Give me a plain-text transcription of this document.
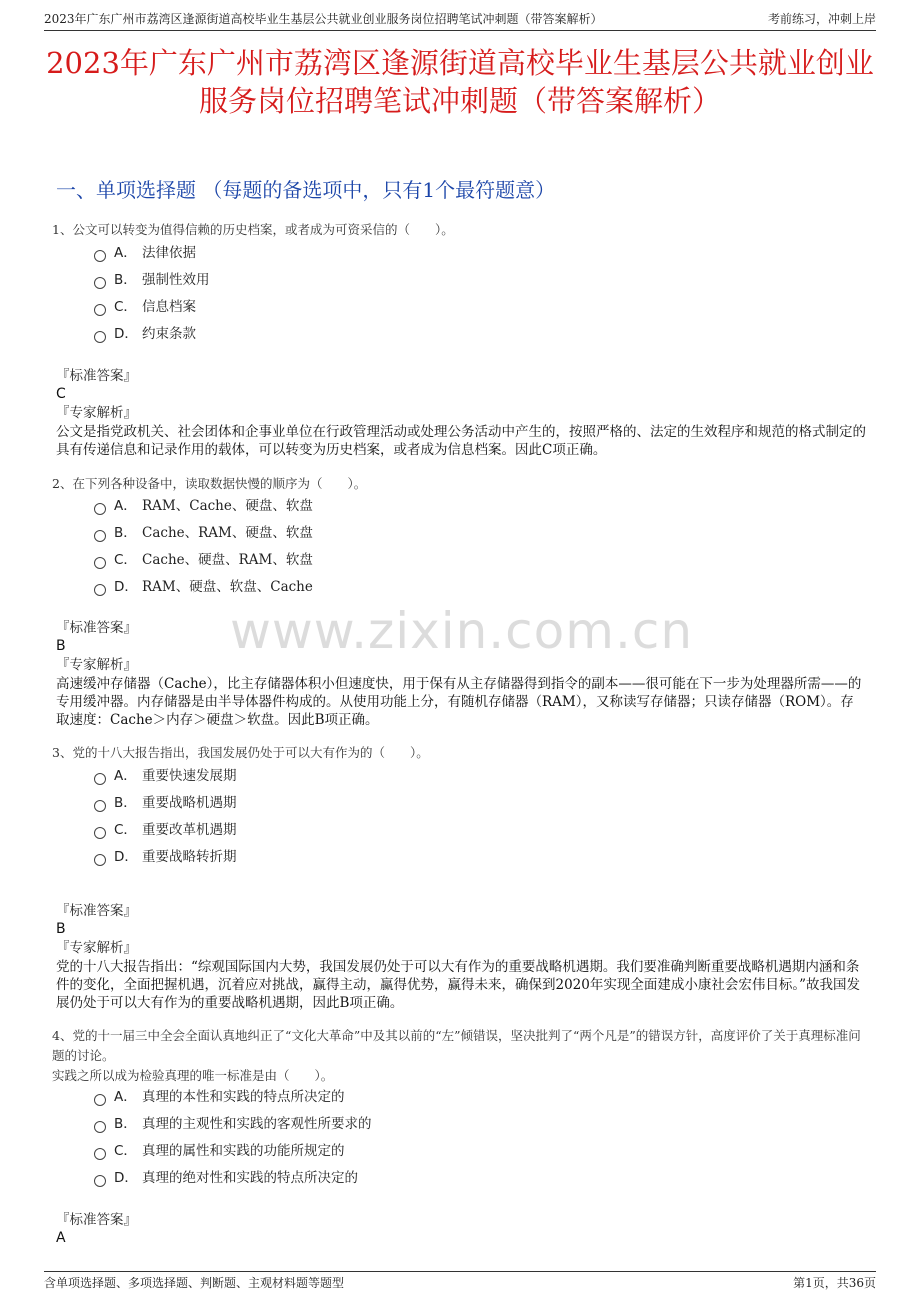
2023年广东广州市荔湾区逢源街道高校毕业生基层公共就业创业服务岗位招聘笔试冲刺题（带答案解析）	考前练习，冲刺上岸
2023年广东广州市荔湾区逢源街道高校毕业生基层公共就业创业服务岗位招聘笔试冲刺题（带答案解析）
一、单项选择题 （每题的备选项中，只有1个最符题意）
www.zixin.com.cn
1、公文可以转变为值得信赖的历史档案，或者成为可资采信的（　　）。
A． 法律依据
B． 强制性效用
C． 信息档案
D． 约束条款
『标准答案』
C
『专家解析』
公文是指党政机关、社会团体和企事业单位在行政管理活动或处理公务活动中产生的，按照严格的、法定的生效程序和规范的格式制定的具有传递信息和记录作用的载体，可以转变为历史档案，或者成为信息档案。因此C项正确。
2、在下列各种设备中，读取数据快慢的顺序为（　　）。
A． RAM、Cache、硬盘、软盘
B． Cache、RAM、硬盘、软盘
C． Cache、硬盘、RAM、软盘
D． RAM、硬盘、软盘、Cache
『标准答案』
B
『专家解析』
高速缓冲存储器（Cache），比主存储器体积小但速度快，用于保有从主存储器得到指令的副本——很可能在下一步为处理器所需——的专用缓冲器。内存储器是由半导体器件构成的。从使用功能上分，有随机存储器（RAM），又称读写存储器；只读存储器（ROM）。存取速度：Cache＞内存＞硬盘＞软盘。因此B项正确。
3、党的十八大报告指出，我国发展仍处于可以大有作为的（　　）。
A． 重要快速发展期
B． 重要战略机遇期
C． 重要改革机遇期
D． 重要战略转折期
『标准答案』
B
『专家解析』
党的十八大报告指出：“综观国际国内大势，我国发展仍处于可以大有作为的重要战略机遇期。我们要准确判断重要战略机遇期内涵和条件的变化，全面把握机遇，沉着应对挑战，赢得主动，赢得优势，赢得未来，确保到2020年实现全面建成小康社会宏伟目标。”故我国发展仍处于可以大有作为的重要战略机遇期，因此B项正确。
4、党的十一届三中全会全面认真地纠正了“文化大革命”中及其以前的“左”倾错误，坚决批判了“两个凡是”的错误方针，高度评价了关于真理标准问题的讨论。
实践之所以成为检验真理的唯一标准是由（　　）。
A． 真理的本性和实践的特点所决定的
B． 真理的主观性和实践的客观性所要求的
C． 真理的属性和实践的功能所规定的
D． 真理的绝对性和实践的特点所决定的
『标准答案』
A
含单项选择题、多项选择题、判断题、主观材料题等题型	第1页，共36页
